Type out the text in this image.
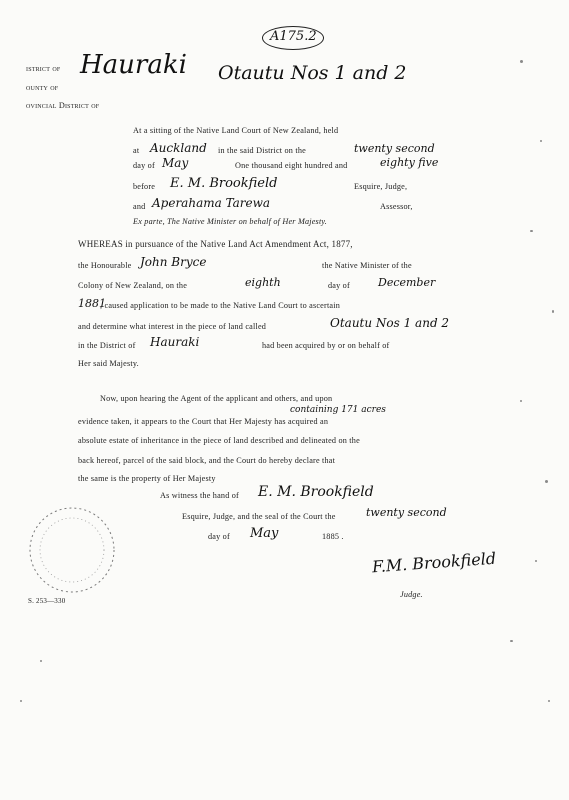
A175.2
istrict of
ounty of
ovincial District of
Hauraki Otautu Nos 1 and 2
At a sitting of the Native Land Court of New Zealand, held
at Auckland in the said District on the	twenty second
day of May	One thousand eight hundred and	eighty five
before E. M. Brookfield	Esquire, Judge,
and Aperahama Tarewa	Assessor,
Ex parte, The Native Minister on behalf of Her Majesty.
WHEREAS in pursuance of the Native Land Act Amendment Act, 1877,
the Honourable John Bryce	the Native Minister of the
Colony of New Zealand, on the	eighth	day of	December
1881
, caused application to be made to the Native Land Court to ascertain
and determine what interest in the piece of land called	Otautu Nos 1 and 2
in the District of Hauraki	had been acquired by or on behalf of
Her said Majesty.
Now, upon hearing the Agent of the applicant and others, and upon
containing 171 acres
evidence taken, it appears to the Court that Her Majesty has acquired an
absolute estate of inheritance in the piece of land described and delineated on the
back hereof, parcel of the said block, and the Court do hereby declare that
the same is the property of Her Majesty
As witness the hand of E. M. Brookfield
Esquire, Judge, and the seal of the Court the	twenty second
day of May	1885 .
F.M. Brookfield
Judge.
S. 253—330
